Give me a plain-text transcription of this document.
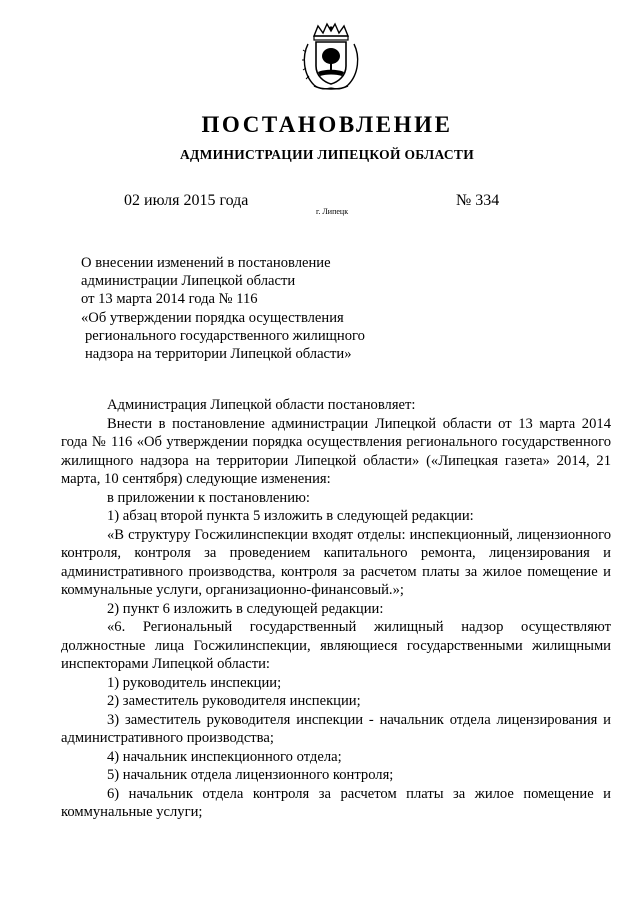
ПОСТАНОВЛЕНИЕ
АДМИНИСТРАЦИИ ЛИПЕЦКОЙ ОБЛАСТИ
02 июля 2015 года
г. Липецк
№ 334
О внесении изменений в постановление
администрации Липецкой области
от 13 марта 2014 года № 116
«Об утверждении порядка осуществления
регионального государственного жилищного
надзора на территории Липецкой области»

Администрация Липецкой области постановляет:

Внести в постановление администрации Липецкой области от 13 марта 2014 года № 116 «Об утверждении порядка осуществления регионального государственного жилищного надзора на территории Липецкой области» («Липецкая газета» 2014, 21 марта, 10 сентября) следующие изменения:

в приложении к постановлению:

1) абзац второй пункта 5 изложить в следующей редакции:

«В структуру Госжилинспекции входят отделы: инспекционный, лицензионного контроля, контроля за проведением капитального ремонта, лицензирования и административного производства, контроля за расчетом платы за жилое помещение и коммунальные услуги, организационно-финансовый.»;

2) пункт 6 изложить в следующей редакции:

«6. Региональный государственный жилищный надзор осуществляют должностные лица Госжилинспекции, являющиеся государственными жилищными инспекторами Липецкой области:

1) руководитель инспекции;

2) заместитель руководителя инспекции;

3) заместитель руководителя инспекции - начальник отдела лицензирования и административного производства;

4) начальник инспекционного отдела;

5) начальник отдела лицензионного контроля;

6) начальник отдела контроля за расчетом платы за жилое помещение и коммунальные услуги;
